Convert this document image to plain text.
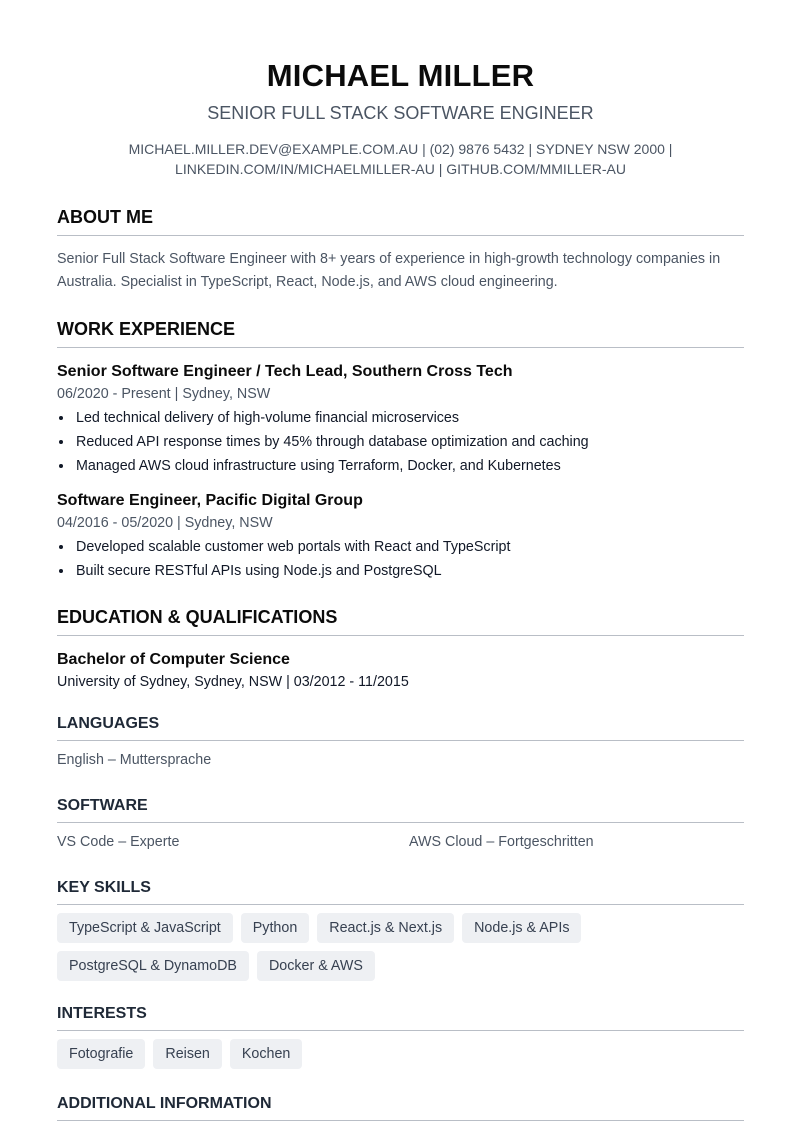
MICHAEL MILLER
SENIOR FULL STACK SOFTWARE ENGINEER
MICHAEL.MILLER.DEV@EXAMPLE.COM.AU | (02) 9876 5432 | SYDNEY NSW 2000 |
LINKEDIN.COM/IN/MICHAELMILLER-AU | GITHUB.COM/MMILLER-AU
ABOUT ME
Senior Full Stack Software Engineer with 8+ years of experience in high-growth technology companies in Australia. Specialist in TypeScript, React, Node.js, and AWS cloud engineering.
WORK EXPERIENCE
Senior Software Engineer / Tech Lead, Southern Cross Tech
06/2020 - Present | Sydney, NSW
Led technical delivery of high-volume financial microservices
Reduced API response times by 45% through database optimization and caching
Managed AWS cloud infrastructure using Terraform, Docker, and Kubernetes
Software Engineer, Pacific Digital Group
04/2016 - 05/2020 | Sydney, NSW
Developed scalable customer web portals with React and TypeScript
Built secure RESTful APIs using Node.js and PostgreSQL
EDUCATION & QUALIFICATIONS
Bachelor of Computer Science
University of Sydney, Sydney, NSW | 03/2012 - 11/2015
LANGUAGES
English – Muttersprache
SOFTWARE
VS Code – Experte	AWS Cloud – Fortgeschritten
KEY SKILLS
TypeScript & JavaScript	Python	React.js & Next.js	Node.js & APIs
PostgreSQL & DynamoDB	Docker & AWS
INTERESTS
Fotografie	Reisen	Kochen
ADDITIONAL INFORMATION
